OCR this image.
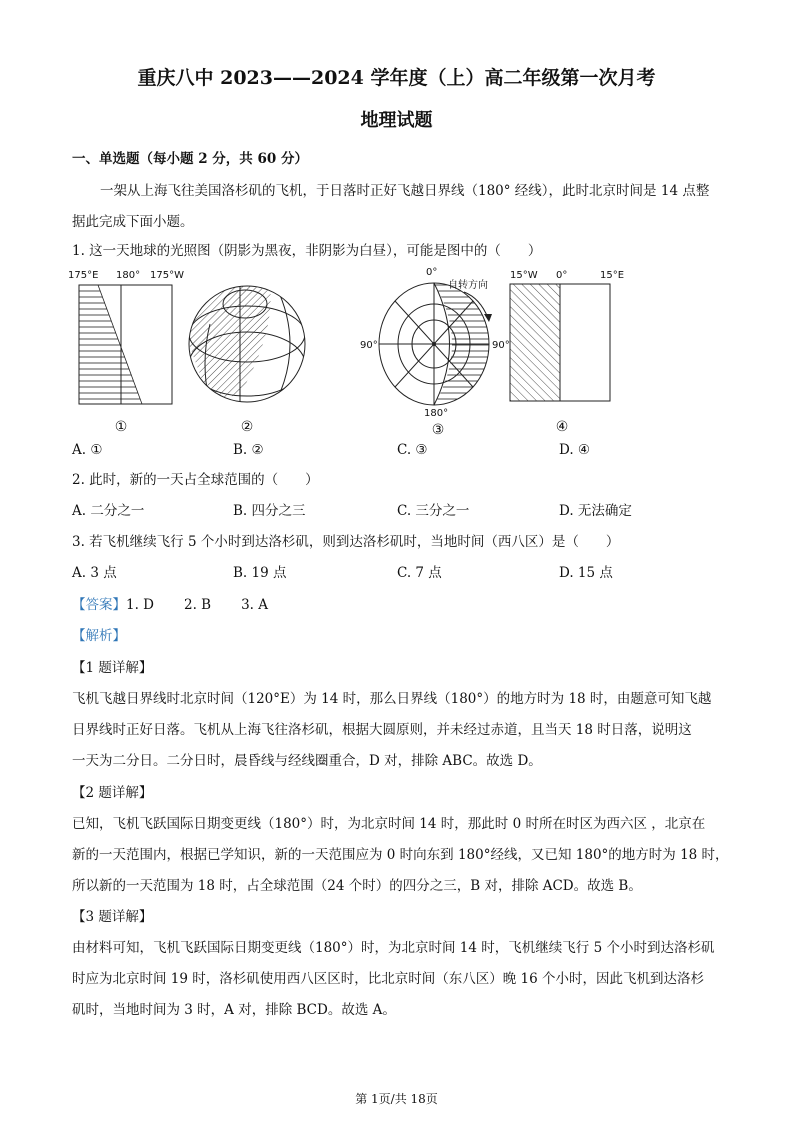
重庆八中 2023——2024 学年度（上）高二年级第一次月考
地理试题
一、单选题（每小题 2 分，共 60 分）
一架从上海飞往美国洛杉矶的飞机，于日落时正好飞越日界线（180° 经线），此时北京时间是 14 点整
据此完成下面小题。
1. 这一天地球的光照图（阴影为黑夜，非阴影为白昼），可能是图中的（　　）
175°E 180° 175°W
①	②
0°
90°	90°
180°
自转方向
③
15°W 0°	15°E
④
A. ①	B. ②	C. ③	D. ④
2. 此时，新的一天占全球范围的（　　）
A. 二分之一	B. 四分之三	C. 三分之一	D. 无法确定
3. 若飞机继续飞行 5 个小时到达洛杉矶，则到达洛杉矶时，当地时间（西八区）是（　　）
A. 3 点	B. 19 点	C. 7 点	D. 15 点
【答案】1. D 2. B 3. A
【解析】
【1 题详解】
飞机飞越日界线时北京时间（120°E）为 14 时，那么日界线（180°）的地方时为 18 时，由题意可知飞越
日界线时正好日落。飞机从上海飞往洛杉矶，根据大圆原则，并未经过赤道，且当天 18 时日落，说明这
一天为二分日。二分日时，晨昏线与经线圈重合，D 对，排除 ABC。故选 D。
【2 题详解】
已知，飞机飞跃国际日期变更线（180°）时，为北京时间 14 时，那此时 0 时所在时区为西六区 ，北京在
新的一天范围内，根据已学知识，新的一天范围应为 0 时向东到 180°经线，又已知 180°的地方时为 18 时，
所以新的一天范围为 18 时，占全球范围（24 个时）的四分之三，B 对，排除 ACD。故选 B。
【3 题详解】
由材料可知，飞机飞跃国际日期变更线（180°）时，为北京时间 14 时，飞机继续飞行 5 个小时到达洛杉矶
时应为北京时间 19 时，洛杉矶使用西八区区时，比北京时间（东八区）晚 16 个小时，因此飞机到达洛杉
矶时，当地时间为 3 时，A 对，排除 BCD。故选 A。
第 1页/共 18页
